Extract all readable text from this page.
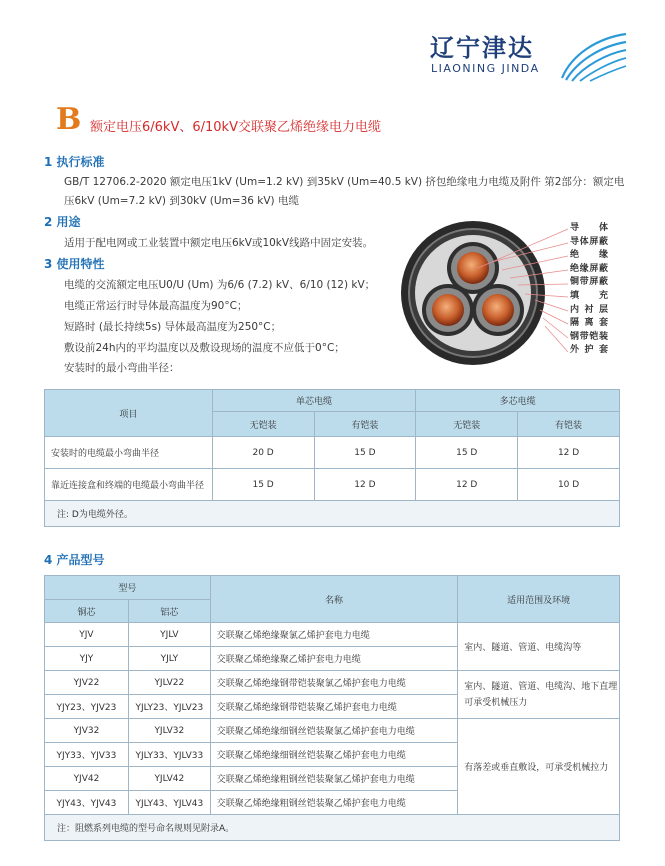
辽宁津达
LIAONING JINDA
B 额定电压6/6kV、6/10kV交联聚乙烯绝缘电力电缆
1 执行标准
GB/T 12706.2-2020 额定电压1kV (Um=1.2 kV) 到35kV (Um=40.5 kV) 挤包绝缘电力电缆及附件 第2部分：额定电
压6kV (Um=7.2 kV) 到30kV (Um=36 kV) 电缆
2 用途
适用于配电网或工业装置中额定电压6kV或10kV线路中固定安装。
3 使用特性
电缆的交流额定电压U0/U (Um) 为6/6 (7.2) kV、6/10 (12) kV；
电缆正常运行时导体最高温度为90°C；
短路时 (最长持续5s) 导体最高温度为250°C；
敷设前24h内的平均温度以及敷设现场的温度不应低于0°C；
安装时的最小弯曲半径：
导体
导体屏蔽
绝缘
绝缘屏蔽
铜带屏蔽
填充
内衬层
隔离套
钢带铠装
外护套
项目	单芯电缆		多芯电缆	
	无铠装	有铠装	无铠装	有铠装
安装时的电缆最小弯曲半径	20 D	15 D	15 D	12 D
靠近连接盒和终端的电缆最小弯曲半径	15 D	12 D	12 D	10 D
注: D为电缆外径。				
4 产品型号
型号		名称	适用范围及环境
铜芯	铝芯		
YJV	YJLV	交联聚乙烯绝缘聚氯乙烯护套电力电缆	室内、隧道、管道、电缆沟等
YJY	YJLY	交联聚乙烯绝缘聚乙烯护套电力电缆	
YJV22	YJLV22	交联聚乙烯绝缘钢带铠装聚氯乙烯护套电力电缆	室内、隧道、管道、电缆沟、地下直埋
可承受机械压力

YJY23、YJV23	YJLY23、YJLV23	交联聚乙烯绝缘钢带铠装聚乙烯护套电力电缆	
YJV32	YJLV32	交联聚乙烯绝缘细钢丝铠装聚氯乙烯护套电力电缆	有落差或垂直敷设，可承受机械拉力
YJY33、YJV33	YJLY33、YJLV33	交联聚乙烯绝缘细钢丝铠装聚乙烯护套电力电缆	
YJV42	YJLV42	交联聚乙烯绝缘粗钢丝铠装聚氯乙烯护套电力电缆	
YJY43、YJV43	YJLY43、YJLV43	交联聚乙烯绝缘粗钢丝铠装聚乙烯护套电力电缆	
注：阻燃系列电缆的型号命名规则见附录A。			
